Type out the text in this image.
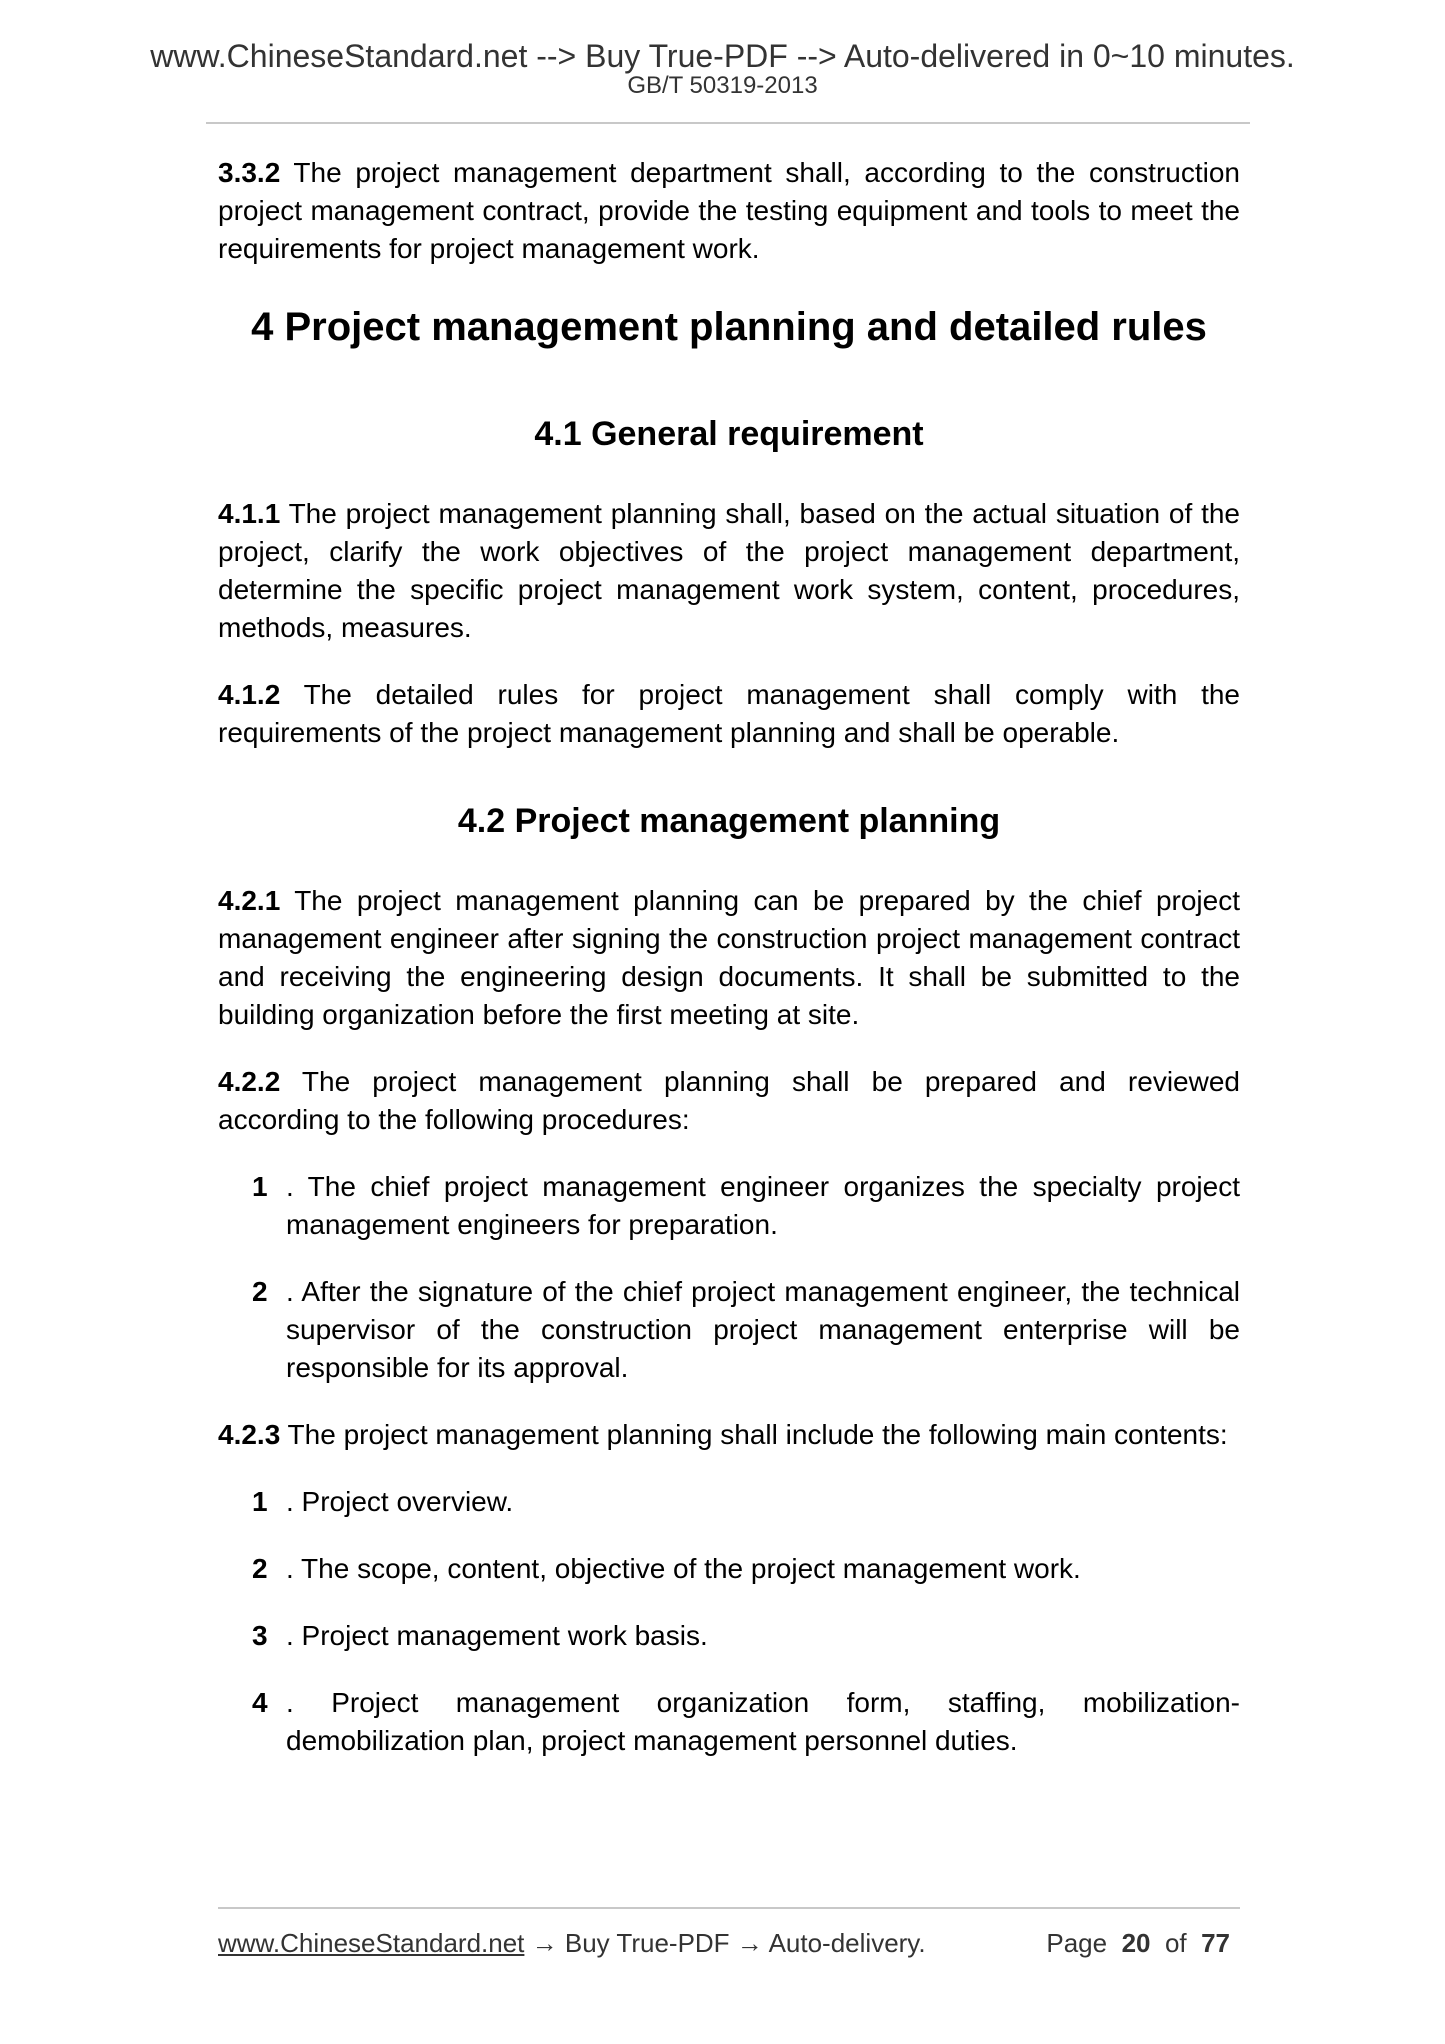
www.ChineseStandard.net --> Buy True-PDF --> Auto-delivered in 0~10 minutes.
GB/T 50319-2013

3.3.2 The project management department shall, according to the construction project management contract, provide the testing equipment and tools to meet the requirements for project management work.

4 Project management planning and detailed rules
4.1 General requirement

4.1.1 The project management planning shall, based on the actual situation of the project, clarify the work objectives of the project management department, determine the specific project management work system, content, procedures, methods, measures.

4.1.2 The detailed rules for project management shall comply with the requirements of the project management planning and shall be operable.

4.2 Project management planning

4.2.1 The project management planning can be prepared by the chief project management engineer after signing the construction project management contract and receiving the engineering design documents. It shall be submitted to the building organization before the first meeting at site.

4.2.2 The project management planning shall be prepared and reviewed according to the following procedures:

1 . The chief project management engineer organizes the specialty project management engineers for preparation.

2 . After the signature of the chief project management engineer, the technical supervisor of the construction project management enterprise will be responsible for its approval.

4.2.3 The project management planning shall include the following main contents:

1 . Project overview.

2 . The scope, content, objective of the project management work.

3 . Project management work basis.

4 . Project management organization form, staffing, mobilization-demobilization plan, project management personnel duties.

www.ChineseStandard.net → Buy True-PDF → Auto-delivery.	Page 20 of 77
